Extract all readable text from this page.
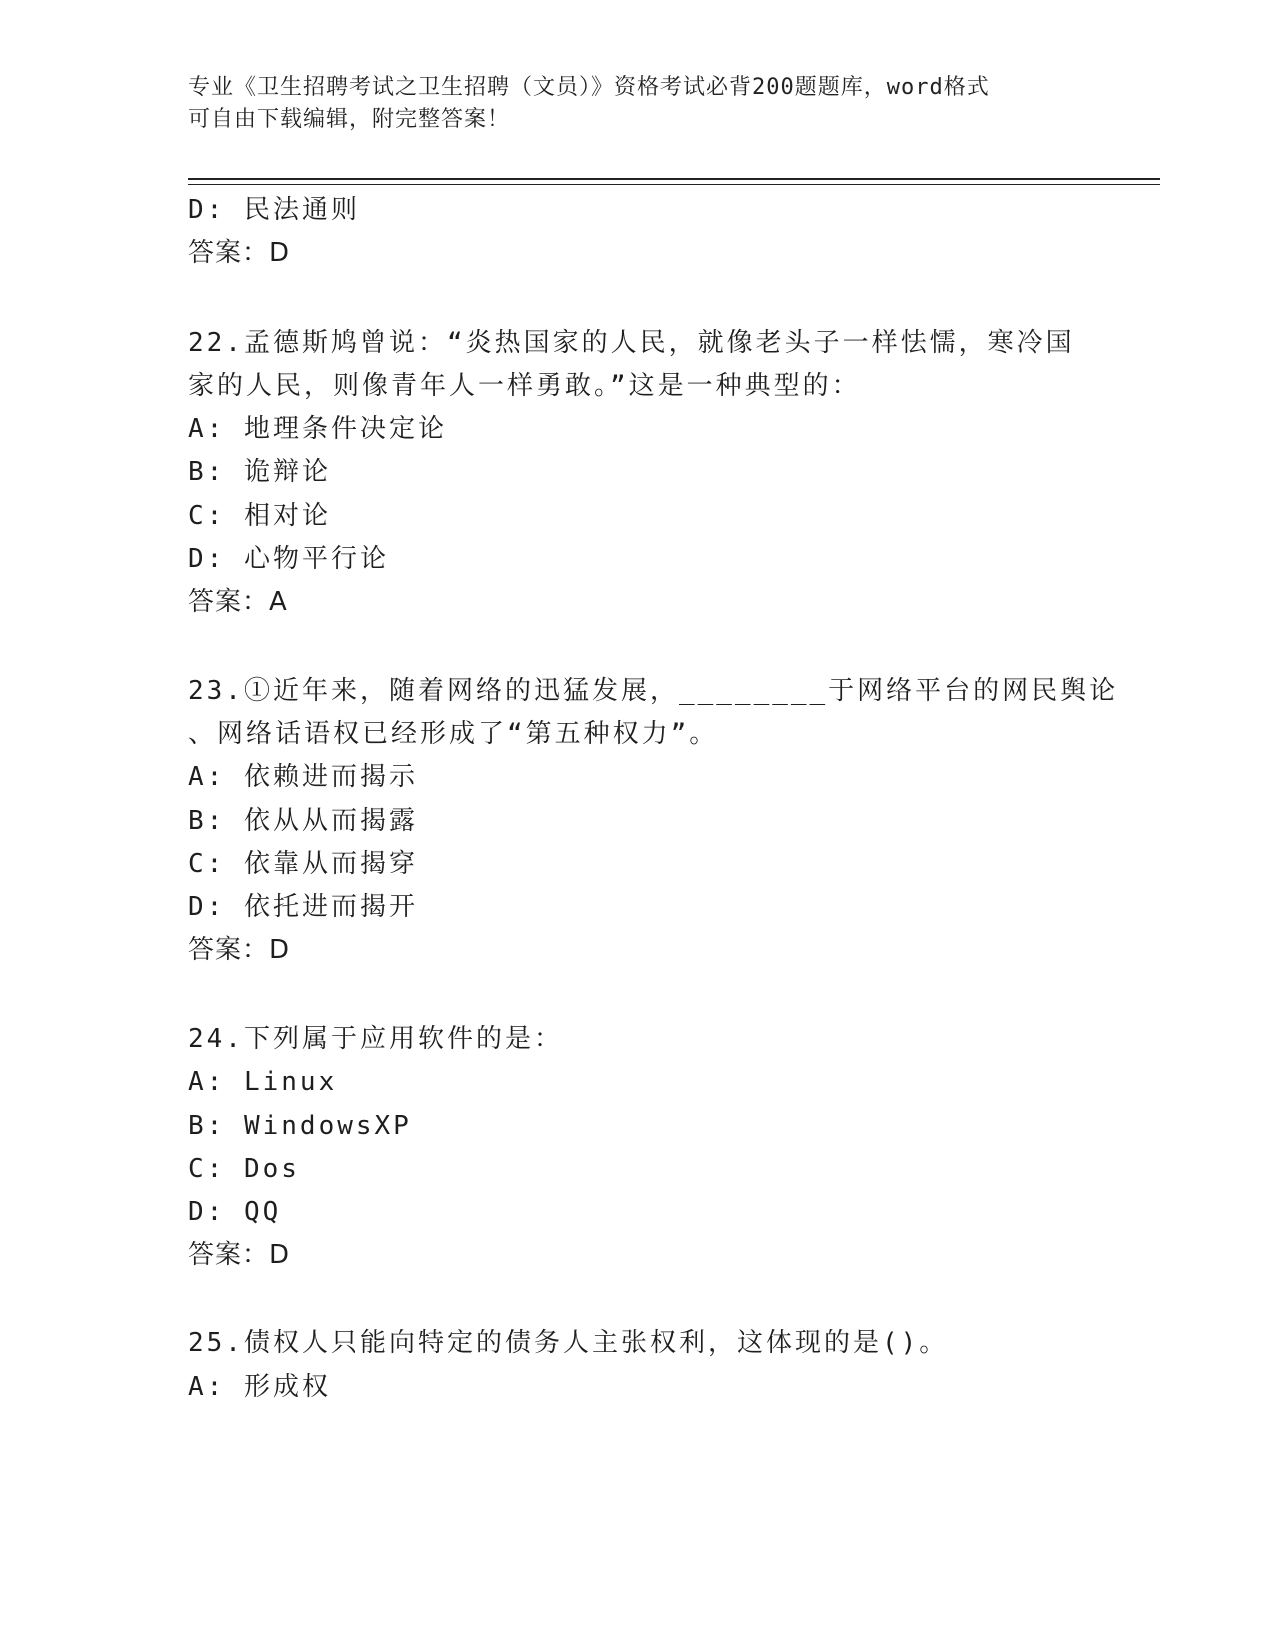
专业《卫生招聘考试之卫生招聘（文员）》资格考试必背200题题库，word格式
可自由下载编辑，附完整答案！
D: 民法通则
答案：D
22.孟德斯鸠曾说：“炎热国家的人民，就像老头子一样怯懦，寒冷国
家的人民，则像青年人一样勇敢。”这是一种典型的：
A: 地理条件决定论
B: 诡辩论
C: 相对论
D: 心物平行论
答案：A
23.①近年来，随着网络的迅猛发展，________于网络平台的网民舆论
、网络话语权已经形成了“第五种权力”。
A: 依赖进而揭示
B: 依从从而揭露
C: 依靠从而揭穿
D: 依托进而揭开
答案：D
24.下列属于应用软件的是：
A: Linux
B: WindowsXP
C: Dos
D: QQ
答案：D
25.债权人只能向特定的债务人主张权利，这体现的是()。
A: 形成权
